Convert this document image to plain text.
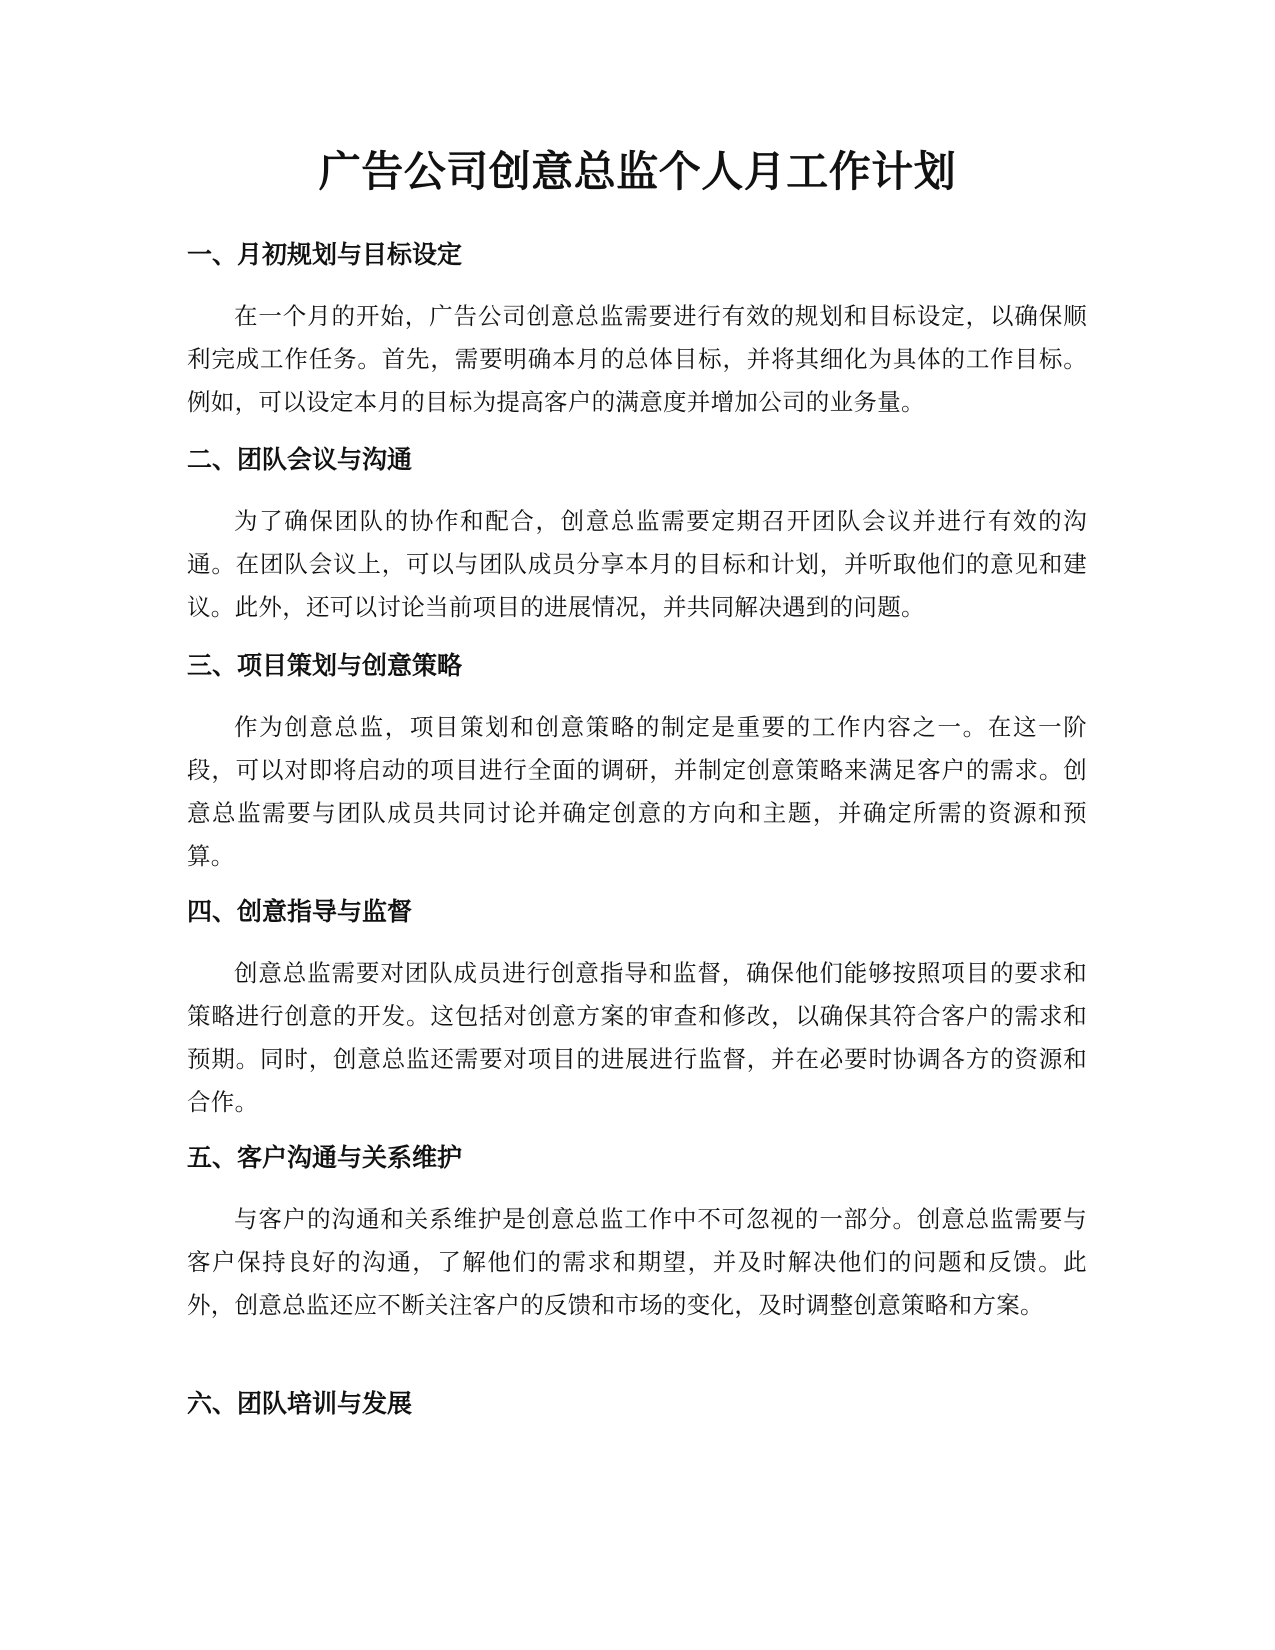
广告公司创意总监个人月工作计划
一、月初规划与目标设定

在一个月的开始，广告公司创意总监需要进行有效的规划和目标设定，以确保顺利完成工作任务。首先，需要明确本月的总体目标，并将其细化为具体的工作目标。例如，可以设定本月的目标为提高客户的满意度并增加公司的业务量。

二、团队会议与沟通

为了确保团队的协作和配合，创意总监需要定期召开团队会议并进行有效的沟通。在团队会议上，可以与团队成员分享本月的目标和计划，并听取他们的意见和建议。此外，还可以讨论当前项目的进展情况，并共同解决遇到的问题。

三、项目策划与创意策略

作为创意总监，项目策划和创意策略的制定是重要的工作内容之一。在这一阶段，可以对即将启动的项目进行全面的调研，并制定创意策略来满足客户的需求。创意总监需要与团队成员共同讨论并确定创意的方向和主题，并确定所需的资源和预算。

四、创意指导与监督

创意总监需要对团队成员进行创意指导和监督，确保他们能够按照项目的要求和策略进行创意的开发。这包括对创意方案的审查和修改，以确保其符合客户的需求和预期。同时，创意总监还需要对项目的进展进行监督，并在必要时协调各方的资源和合作。

五、客户沟通与关系维护

与客户的沟通和关系维护是创意总监工作中不可忽视的一部分。创意总监需要与客户保持良好的沟通，了解他们的需求和期望，并及时解决他们的问题和反馈。此外，创意总监还应不断关注客户的反馈和市场的变化，及时调整创意策略和方案。

六、团队培训与发展
